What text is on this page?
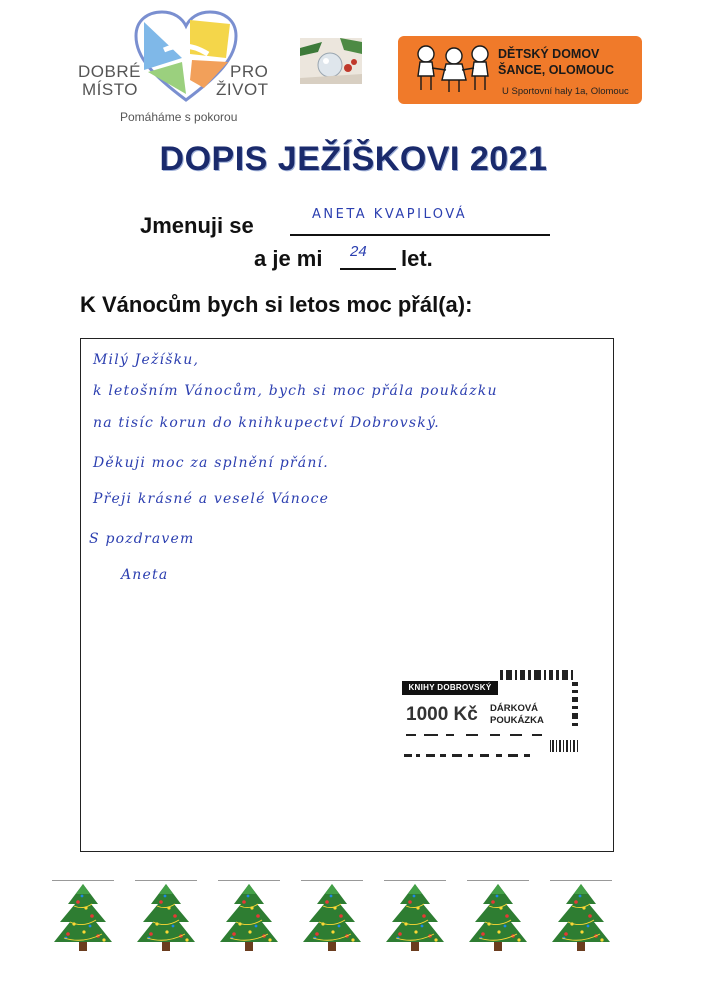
DOBRÉ
MÍSTO
PRO
ŽIVOT
Pomáháme s pokorou
DĚTSKÝ DOMOV
ŠANCE, OLOMOUC
U Sportovní haly 1a, Olomouc
DOPIS JEŽÍŠKOVI 2021
Jmenuji se	ANETA KVAPILOVÁ
a je mi 24 let.
K Vánocům bych si letos moc přál(a):
Milý Ježíšku,
k letošním Vánocům, bych si moc přála poukázku
na tisíc korun do knihkupectví Dobrovský.
Děkuji moc za splnění přání.
Přeji krásné a veselé Vánoce
S pozdravem
Aneta
KNIHY DOBROVSKÝ
1000 Kč DÁRKOVÁ
POUKÁZKA
